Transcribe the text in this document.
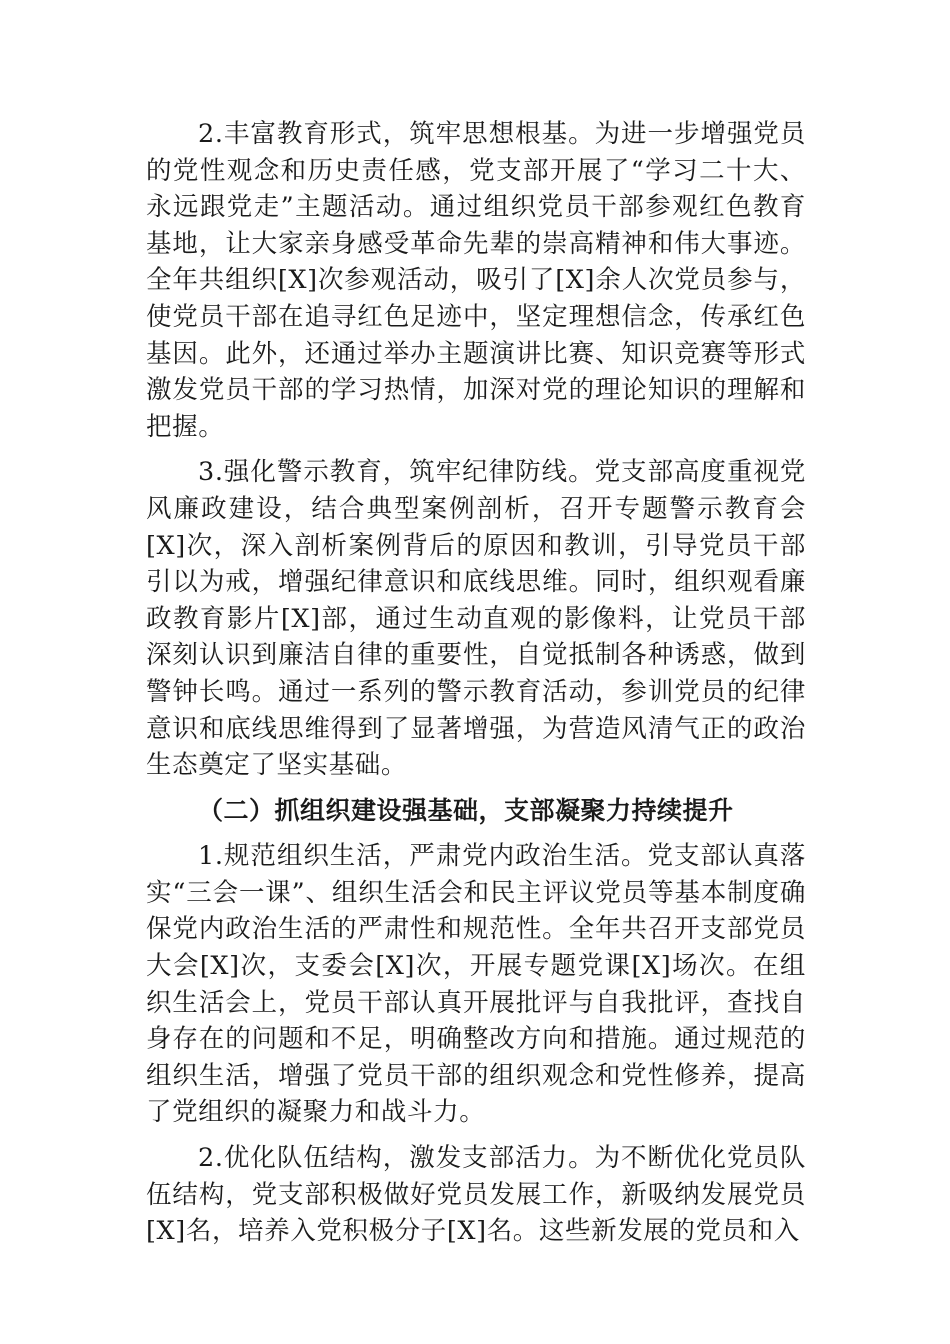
2.丰富教育形式，筑牢思想根基。为进一步增强党员的党性观念和历史责任感，党支部开展了“学习二十大、永远跟党走”主题活动。通过组织党员干部参观红色教育基地，让大家亲身感受革命先辈的崇高精神和伟大事迹。全年共组织[X]次参观活动，吸引了[X]余人次党员参与，使党员干部在追寻红色足迹中，坚定理想信念，传承红色基因。此外，还通过举办主题演讲比赛、知识竞赛等形式激发党员干部的学习热情，加深对党的理论知识的理解和把握。

3.强化警示教育，筑牢纪律防线。党支部高度重视党风廉政建设，结合典型案例剖析，召开专题警示教育会[X]次，深入剖析案例背后的原因和教训，引导党员干部引以为戒，增强纪律意识和底线思维。同时，组织观看廉政教育影片[X]部，通过生动直观的影像料，让党员干部深刻认识到廉洁自律的重要性，自觉抵制各种诱惑，做到警钟长鸣。通过一系列的警示教育活动，参训党员的纪律意识和底线思维得到了显著增强，为营造风清气正的政治生态奠定了坚实基础。

（二）抓组织建设强基础，支部凝聚力持续提升

1.规范组织生活，严肃党内政治生活。党支部认真落实“三会一课”、组织生活会和民主评议党员等基本制度确保党内政治生活的严肃性和规范性。全年共召开支部党员大会[X]次，支委会[X]次，开展专题党课[X]场次。在组织生活会上，党员干部认真开展批评与自我批评，查找自身存在的问题和不足，明确整改方向和措施。通过规范的组织生活，增强了党员干部的组织观念和党性修养，提高了党组织的凝聚力和战斗力。

2.优化队伍结构，激发支部活力。为不断优化党员队伍结构，党支部积极做好党员发展工作，新吸纳发展党员[X]名，培养入党积极分子[X]名。这些新发展的党员和入
